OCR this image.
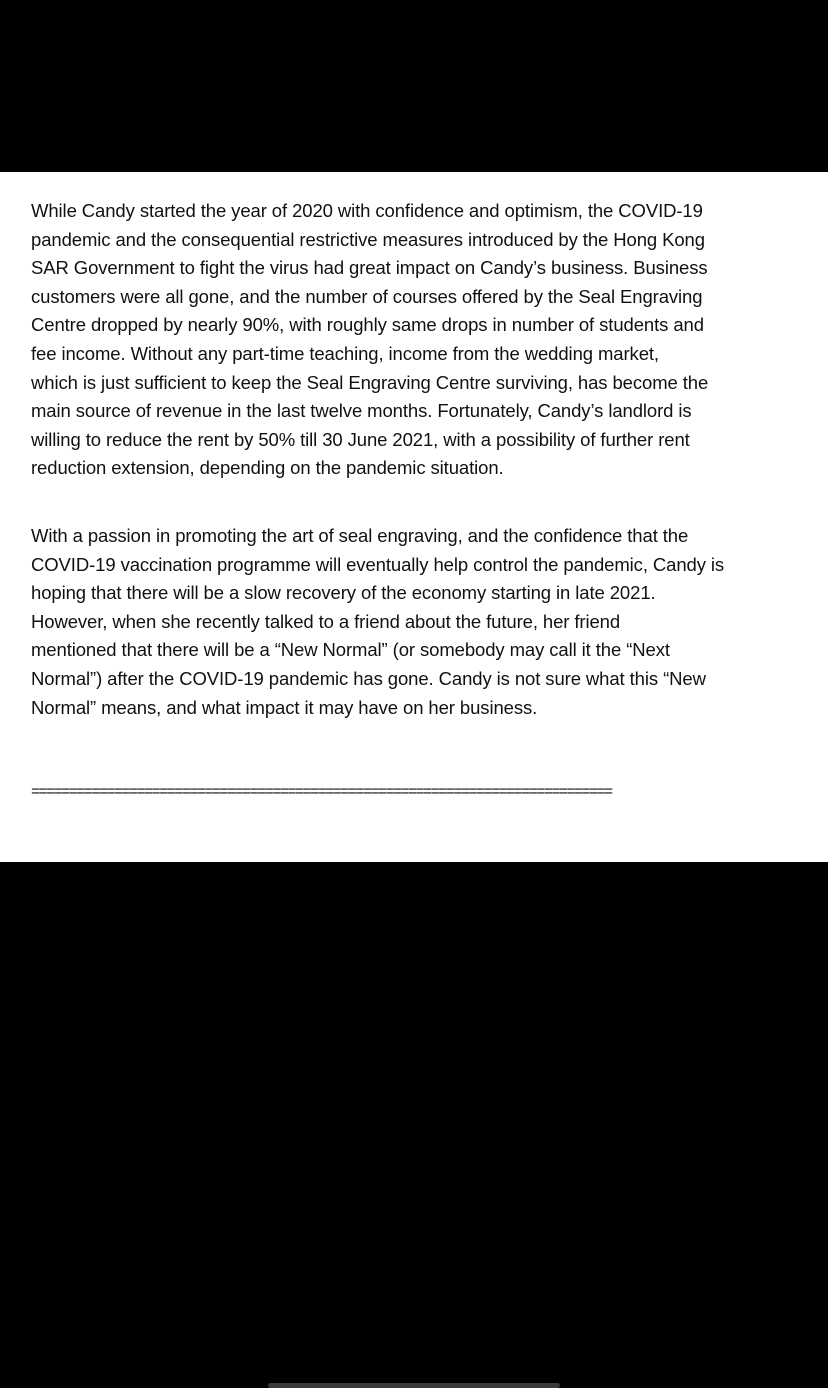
While Candy started the year of 2020 with confidence and optimism, the COVID-19
pandemic and the consequential restrictive measures introduced by the Hong Kong
SAR Government to fight the virus had great impact on Candy’s business. Business
customers were all gone, and the number of courses offered by the Seal Engraving
Centre dropped by nearly 90%, with roughly same drops in number of students and
fee income. Without any part-time teaching, income from the wedding market,
which is just sufficient to keep the Seal Engraving Centre surviving, has become the
main source of revenue in the last twelve months. Fortunately, Candy’s landlord is
willing to reduce the rent by 50% till 30 June 2021, with a possibility of further rent
reduction extension, depending on the pandemic situation.
With a passion in promoting the art of seal engraving, and the confidence that the
COVID-19 vaccination programme will eventually help control the pandemic, Candy is
hoping that there will be a slow recovery of the economy starting in late 2021.
However, when she recently talked to a friend about the future, her friend
mentioned that there will be a “New Normal” (or somebody may call it the “Next
Normal”) after the COVID-19 pandemic has gone. Candy is not sure what this “New
Normal” means, and what impact it may have on her business.
=============================================================================
